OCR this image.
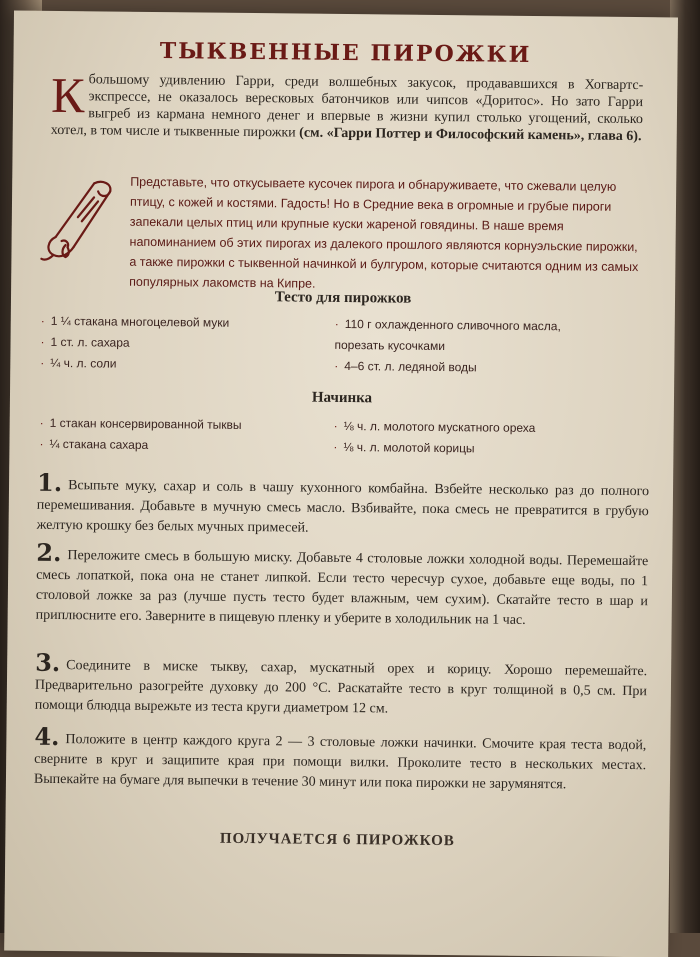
ТЫКВЕННЫЕ ПИРОЖКИ
К большому удивлению Гарри, среди волшебных закусок, продававшихся в Хогвартс-экспрессе, не оказалось вересковых батончиков или чипсов «Доритос». Но зато Гарри выгреб из кармана немного денег и впервые в жизни купил столько угощений, сколько хотел, в том числе и тыквенные пирожки (см. «Гарри Поттер и Философский камень», глава 6).
Представьте, что откусываете кусочек пирога и обнаруживаете, что сжевали целую птицу, с кожей и костями. Гадость! Но в Средние века в огромные и грубые пироги запекали целых птиц или крупные куски жареной говядины. В наше время напоминанием об этих пирогах из далекого прошлого являются корнуэльские пирожки, а также пирожки с тыквенной начинкой и булгуром, которые считаются одним из самых популярных лакомств на Кипре.
Тесто для пирожков
· 1 ¼ стакана многоцелевой муки
· 1 ст. л. сахара
· ¼ ч. л. соли
· 110 г охлажденного сливочного масла, порезать кусочками
· 4–6 ст. л. ледяной воды
Начинка
· 1 стакан консервированной тыквы
· ¼ стакана сахара
· ⅛ ч. л. молотого мускатного ореха
· ⅛ ч. л. молотой корицы
1. Всыпьте муку, сахар и соль в чашу кухонного комбайна. Взбейте несколько раз до полного перемешивания. Добавьте в мучную смесь масло. Взбивайте, пока смесь не превратится в грубую желтую крошку без белых мучных примесей.
2. Переложите смесь в большую миску. Добавьте 4 столовые ложки холодной воды. Перемешайте смесь лопаткой, пока она не станет липкой. Если тесто чересчур сухое, добавьте еще воды, по 1 столовой ложке за раз (лучше пусть тесто будет влажным, чем сухим). Скатайте тесто в шар и приплюсните его. Заверните в пищевую пленку и уберите в холодильник на 1 час.
3. Соедините в миске тыкву, сахар, мускатный орех и корицу. Хорошо перемешайте. Предварительно разогрейте духовку до 200 °С. Раскатайте тесто в круг толщиной в 0,5 см. При помощи блюдца вырежьте из теста круги диаметром 12 см.
4. Положите в центр каждого круга 2 — 3 столовые ложки начинки. Смочите края теста водой, сверните в круг и защипите края при помощи вилки. Проколите тесто в нескольких местах. Выпекайте на бумаге для выпечки в течение 30 минут или пока пирожки не зарумянятся.
ПОЛУЧАЕТСЯ 6 ПИРОЖКОВ
